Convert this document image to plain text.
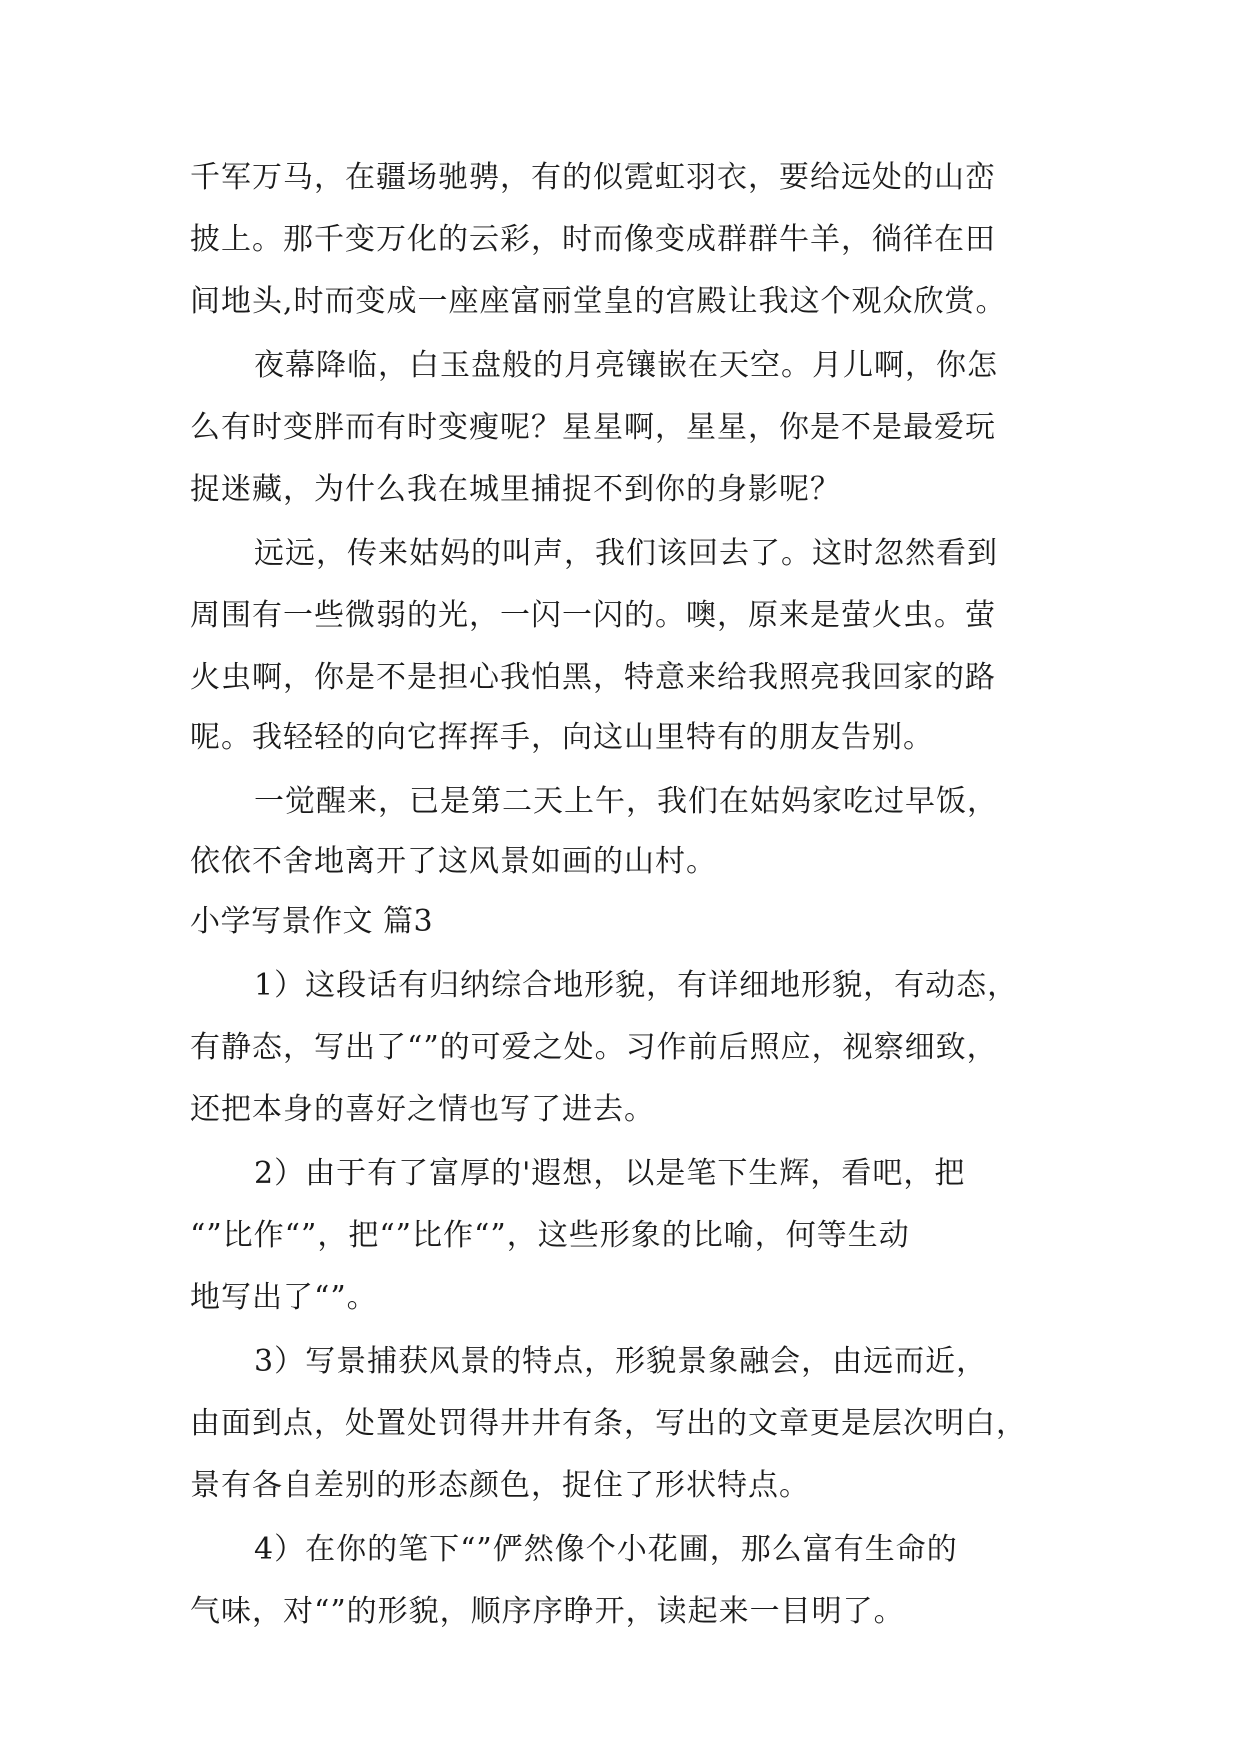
千军万马，在疆场驰骋，有的似霓虹羽衣，要给远处的山峦
披上。那千变万化的云彩，时而像变成群群牛羊，徜徉在田
间地头,时而变成一座座富丽堂皇的宫殿让我这个观众欣赏。
夜幕降临，白玉盘般的月亮镶嵌在天空。月儿啊，你怎
么有时变胖而有时变瘦呢？星星啊，星星，你是不是最爱玩
捉迷藏，为什么我在城里捕捉不到你的身影呢？
远远，传来姑妈的叫声，我们该回去了。这时忽然看到
周围有一些微弱的光，一闪一闪的。噢，原来是萤火虫。萤
火虫啊，你是不是担心我怕黑，特意来给我照亮我回家的路
呢。我轻轻的向它挥挥手，向这山里特有的朋友告别。
一觉醒来，已是第二天上午，我们在姑妈家吃过早饭，
依依不舍地离开了这风景如画的山村。
小学写景作文 篇3
1）这段话有归纳综合地形貌，有详细地形貌，有动态，
有静态，写出了“”的可爱之处。习作前后照应，视察细致，
还把本身的喜好之情也写了进去。
2）由于有了富厚的'遐想，以是笔下生辉，看吧，把
“”比作“”，把“”比作“”，这些形象的比喻，何等生动
地写出了“”。
3）写景捕获风景的特点，形貌景象融会，由远而近，
由面到点，处置处罚得井井有条，写出的文章更是层次明白，
景有各自差别的形态颜色，捉住了形状特点。
4）在你的笔下“”俨然像个小花圃，那么富有生命的
气味，对“”的形貌，顺序序睁开，读起来一目明了。
